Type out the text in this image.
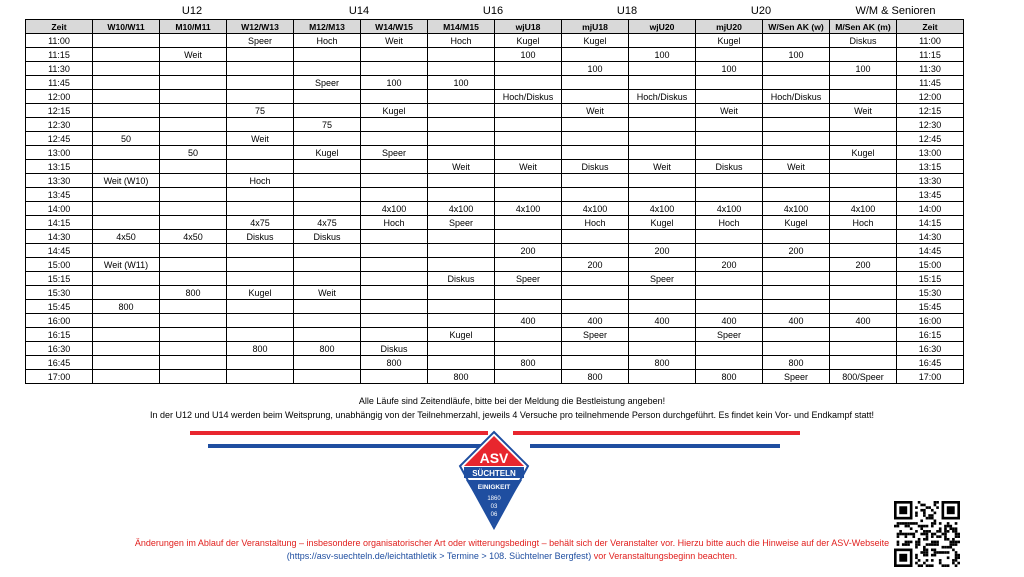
U12	U14	U16	U18	U20	W/M & Senioren
Zeit	W10/W11	M10/M11	W12/W13	M12/M13	W14/W15	M14/M15	wjU18	mjU18	wjU20	mjU20	W/Sen AK (w)	M/Sen AK (m)	Zeit
11:00			Speer	Hoch	Weit	Hoch	Kugel	Kugel		Kugel		Diskus	11:00
11:15		Weit					100		100		100		11:15
11:30								100		100		100	11:30
11:45				Speer	100	100							11:45
12:00							Hoch/Diskus		Hoch/Diskus		Hoch/Diskus		12:00
12:15			75		Kugel			Weit		Weit		Weit	12:15
12:30				75									12:30
12:45	50		Weit										12:45
13:00		50		Kugel	Speer							Kugel	13:00
13:15						Weit	Weit	Diskus	Weit	Diskus	Weit		13:15
13:30	Weit (W10)		Hoch										13:30
13:45													13:45
14:00					4x100	4x100	4x100	4x100	4x100	4x100	4x100	4x100	14:00
14:15			4x75	4x75	Hoch	Speer		Hoch	Kugel	Hoch	Kugel	Hoch	14:15
14:30	4x50	4x50	Diskus	Diskus									14:30
14:45							200		200		200		14:45
15:00	Weit (W11)							200		200		200	15:00
15:15						Diskus	Speer		Speer				15:15
15:30		800	Kugel	Weit									15:30
15:45	800												15:45
16:00							400	400	400	400	400	400	16:00
16:15						Kugel		Speer		Speer			16:15
16:30			800	800	Diskus								16:30
16:45					800		800		800		800		16:45
17:00						800		800		800	Speer	800/Speer	17:00
Alle Läufe sind Zeitendläufe, bitte bei der Meldung die Bestleistung angeben!
In der U12 und U14 werden beim Weitsprung, unabhängig von der Teilnehmerzahl, jeweils 4 Versuche pro teilnehmende Person durchgeführt. Es findet kein Vor- und Endkampf statt!
ASV
SÜCHTELN
EINIGKEIT
1860
03
06
Änderungen im Ablauf der Veranstaltung – insbesondere organisatorischer Art oder witterungsbedingt – behält sich der Veranstalter vor. Hierzu bitte auch die Hinweise auf der ASV-Webseite
(https://asv-suechteln.de/leichtathletik > Termine > 108. Süchtelner Bergfest) vor Veranstaltungsbeginn beachten.
